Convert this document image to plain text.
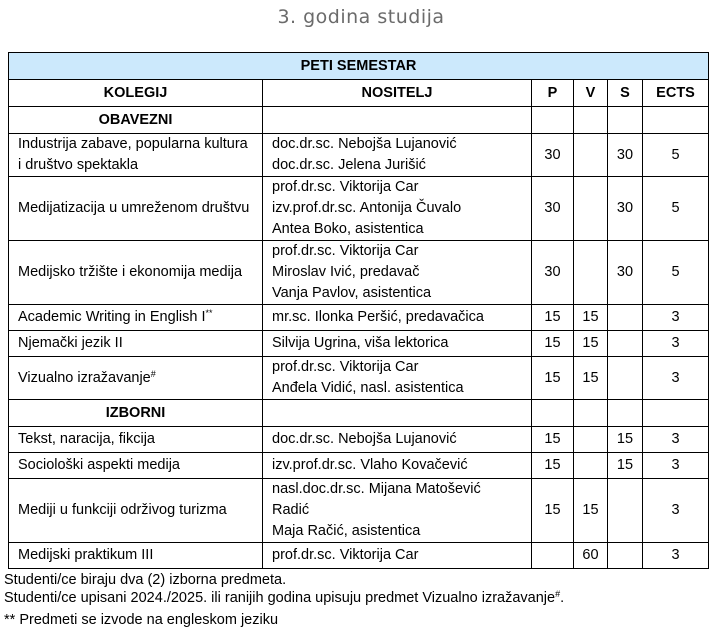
3. godina studija
PETI SEMESTAR					
KOLEGIJ	NOSITELJ	P	V	S	ECTS
OBAVEZNI					
Industrija zabave, popularna kultura i društvo spektakla	doc.dr.sc. Nebojša Lujanović
doc.dr.sc. Jelena Jurišić	30		30	5
Medijatizacija u umreženom društvu	prof.dr.sc. Viktorija Car
izv.prof.dr.sc. Antonija Čuvalo
Antea Boko, asistentica	30		30	5
Medijsko tržište i ekonomija medija	prof.dr.sc. Viktorija Car
Miroslav Ivić, predavač
Vanja Pavlov, asistentica	30		30	5
Academic Writing in English I**	mr.sc. Ilonka Peršić, predavačica	15	15		3
Njemački jezik II	Silvija Ugrina, viša lektorica	15	15		3
Vizualno izražavanje#	prof.dr.sc. Viktorija Car
Anđela Vidić, nasl. asistentica	15	15		3
IZBORNI					
Tekst, naracija, fikcija	doc.dr.sc. Nebojša Lujanović	15		15	3
Sociološki aspekti medija	izv.prof.dr.sc. Vlaho Kovačević	15		15	3
Mediji u funkciji održivog turizma	nasl.doc.dr.sc. Mijana Matošević Radić
Maja Račić, asistentica	15	15		3
Medijski praktikum III	prof.dr.sc. Viktorija Car		60		3
Studenti/ce biraju dva (2) izborna predmeta.
Studenti/ce upisani 2024./2025. ili ranijih godina upisuju predmet Vizualno izražavanje#.
** Predmeti se izvode na engleskom jeziku
